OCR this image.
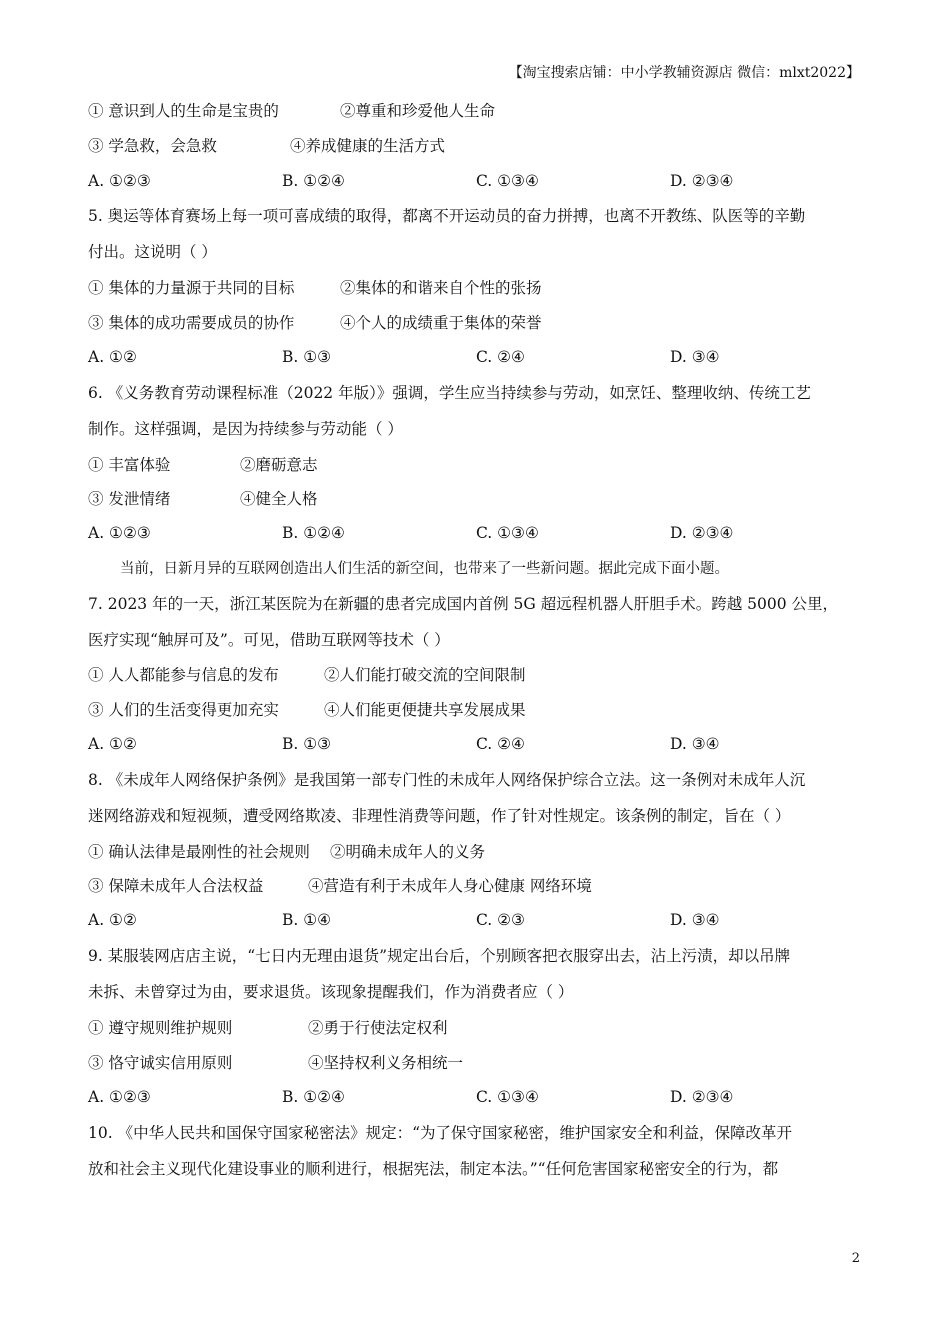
【淘宝搜索店铺：中小学教辅资源店 微信：mlxt2022】
① 意识到人的生命是宝贵的	②尊重和珍爱他人生命
③ 学急救，会急救	④养成健康的生活方式
A. ①②③	B. ①②④	C. ①③④	D. ②③④
5. 奥运等体育赛场上每一项可喜成绩的取得，都离不开运动员的奋力拼搏，也离不开教练、队医等的辛勤
付出。这说明（ ）
① 集体的力量源于共同的目标	②集体的和谐来自个性的张扬
③ 集体的成功需要成员的协作	④个人的成绩重于集体的荣誉
A. ①②	B. ①③	C. ②④	D. ③④
6. 《义务教育劳动课程标准（2022 年版）》强调，学生应当持续参与劳动，如烹饪、整理收纳、传统工艺
制作。这样强调，是因为持续参与劳动能（ ）
① 丰富体验	②磨砺意志
③ 发泄情绪	④健全人格
A. ①②③	B. ①②④	C. ①③④	D. ②③④
当前，日新月异的互联网创造出人们生活的新空间，也带来了一些新问题。据此完成下面小题。
7. 2023 年的一天，浙江某医院为在新疆的患者完成国内首例 5G 超远程机器人肝胆手术。跨越 5000 公里，
医疗实现“触屏可及”。可见，借助互联网等技术（ ）
① 人人都能参与信息的发布	②人们能打破交流的空间限制
③ 人们的生活变得更加充实	④人们能更便捷共享发展成果
A. ①②	B. ①③	C. ②④	D. ③④
8. 《未成年人网络保护条例》是我国第一部专门性的未成年人网络保护综合立法。这一条例对未成年人沉
迷网络游戏和短视频，遭受网络欺凌、非理性消费等问题，作了针对性规定。该条例的制定，旨在（ ）
① 确认法律是最刚性的社会规则 ②明确未成年人的义务
③ 保障未成年人合法权益	④营造有利于未成年人身心健康 网络环境
A. ①②	B. ①④	C. ②③	D. ③④
9. 某服装网店店主说，“七日内无理由退货”规定出台后，个别顾客把衣服穿出去，沾上污渍，却以吊牌
未拆、未曾穿过为由，要求退货。该现象提醒我们，作为消费者应（ ）
① 遵守规则维护规则	②勇于行使法定权利
③ 恪守诚实信用原则	④坚持权利义务相统一
A. ①②③	B. ①②④	C. ①③④	D. ②③④
10. 《中华人民共和国保守国家秘密法》规定：“为了保守国家秘密，维护国家安全和利益，保障改革开
放和社会主义现代化建设事业的顺利进行，根据宪法，制定本法。”“任何危害国家秘密安全的行为，都
2
